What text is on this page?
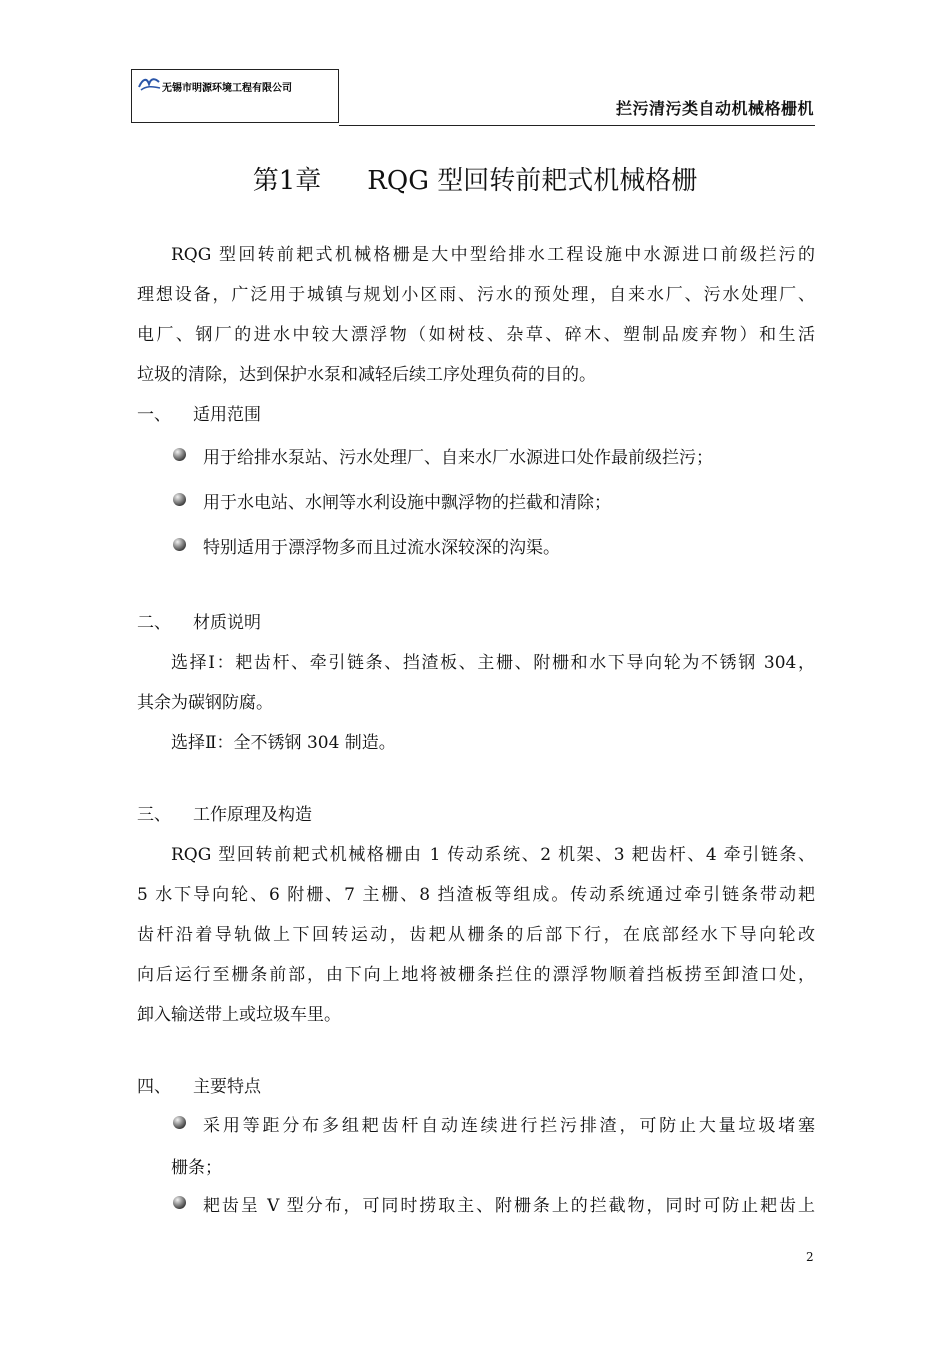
无锡市明源环境工程有限公司
拦污清污类自动机械格栅机
第1章 RQG 型回转前耙式机械格栅
RQG 型回转前耙式机械格栅是大中型给排水工程设施中水源进口前级拦污的
理想设备，广泛用于城镇与规划小区雨、污水的预处理，自来水厂、污水处理厂、
电厂、钢厂的进水中较大漂浮物（如树枝、杂草、碎木、塑制品废弃物）和生活
垃圾的清除，达到保护水泵和减轻后续工序处理负荷的目的。
一、 适用范围
用于给排水泵站、污水处理厂、自来水厂水源进口处作最前级拦污；
用于水电站、水闸等水利设施中飘浮物的拦截和清除；
特别适用于漂浮物多而且过流水深较深的沟渠。
二、 材质说明
选择Ⅰ：耙齿杆、牵引链条、挡渣板、主栅、附栅和水下导向轮为不锈钢 304，
其余为碳钢防腐。
选择Ⅱ：全不锈钢 304 制造。
三、 工作原理及构造
RQG 型回转前耙式机械格栅由 1 传动系统、2 机架、3 耙齿杆、4 牵引链条、
5 水下导向轮、6 附栅、7 主栅、8 挡渣板等组成。传动系统通过牵引链条带动耙
齿杆沿着导轨做上下回转运动，齿耙从栅条的后部下行，在底部经水下导向轮改
向后运行至栅条前部，由下向上地将被栅条拦住的漂浮物顺着挡板捞至卸渣口处，
卸入输送带上或垃圾车里。
四、 主要特点
采用等距分布多组耙齿杆自动连续进行拦污排渣，可防止大量垃圾堵塞
栅条；
耙齿呈 V 型分布，可同时捞取主、附栅条上的拦截物，同时可防止耙齿上
2
